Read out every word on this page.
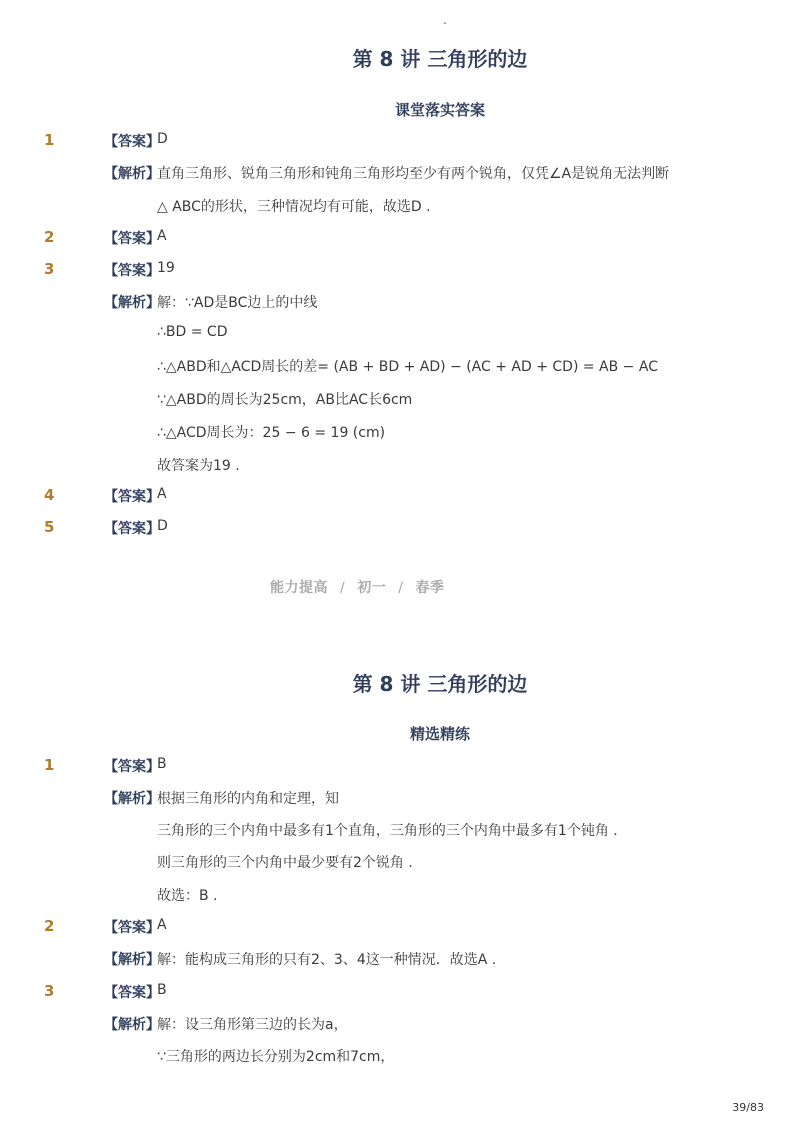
-
第 8 讲 三角形的边
课堂落实答案
1	【答案】
D
【解析】
直角三角形、锐角三角形和钝角三角形均至少有两个锐角，仅凭∠A是锐角无法判断
△ ABC的形状，三种情况均有可能，故选D .
2	【答案】
A
3	【答案】
19
【解析】
解：∵AD是BC边上的中线
∴BD = CD
∴△ABD和△ACD周长的差= (AB + BD + AD) − (AC + AD + CD) = AB − AC
∵△ABD的周长为25cm，AB比AC长6cm
∴△ACD周长为：25 − 6 = 19 (cm)
故答案为19 .
4	【答案】
A
5	【答案】
D
能力提高 / 初一 / 春季
第 8 讲 三角形的边
精选精练
1	【答案】
B
【解析】
根据三角形的内角和定理，知
三角形的三个内角中最多有1个直角，三角形的三个内角中最多有1个钝角 .
则三角形的三个内角中最少要有2个锐角 .
故选：B .
2	【答案】
A
【解析】
解：能构成三角形的只有2、3、4这一种情况．故选A .
3	【答案】
B
【解析】
解：设三角形第三边的长为a，
∵三角形的两边长分别为2cm和7cm，
39/83
